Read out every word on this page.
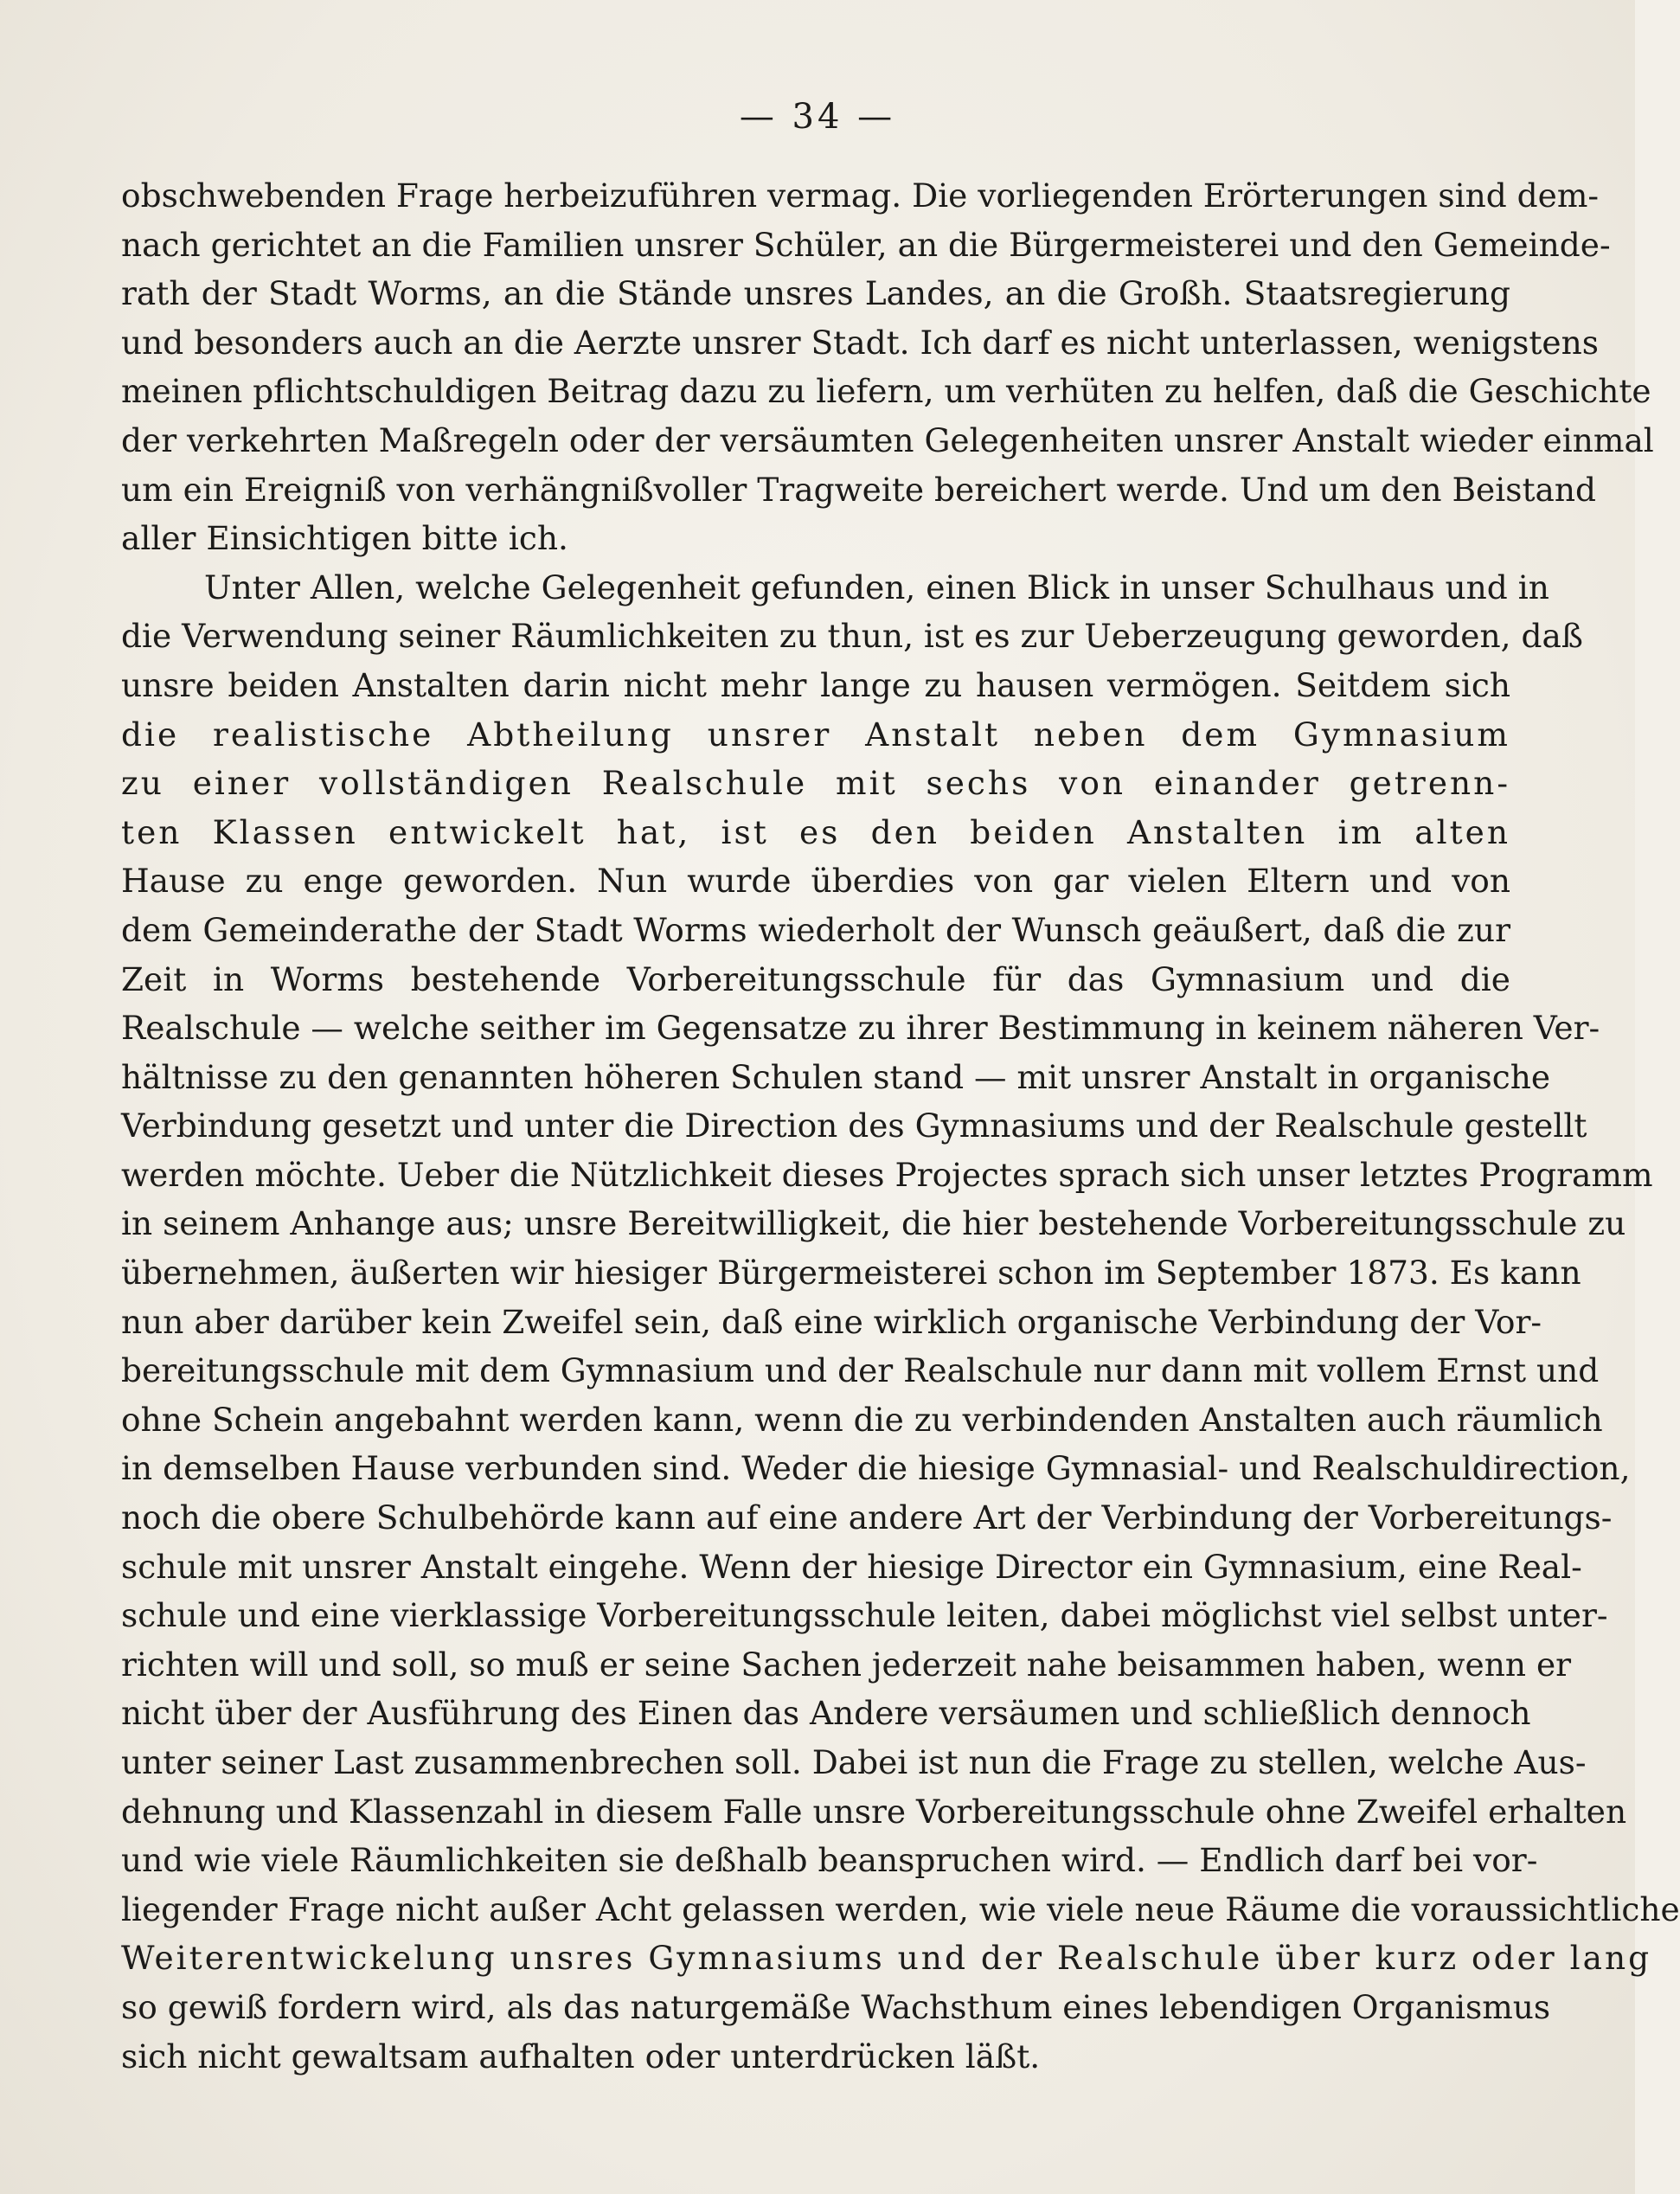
— 34 —
obschwebenden Frage herbeizuführen vermag. Die vorliegenden Erörterungen sind dem-
nach gerichtet an die Familien unsrer Schüler, an die Bürgermeisterei und den Gemeinde-
rath der Stadt Worms, an die Stände unsres Landes, an die Großh. Staatsregierung
und besonders auch an die Aerzte unsrer Stadt. Ich darf es nicht unterlassen, wenigstens
meinen pflichtschuldigen Beitrag dazu zu liefern, um verhüten zu helfen, daß die Geschichte
der verkehrten Maßregeln oder der versäumten Gelegenheiten unsrer Anstalt wieder einmal
um ein Ereigniß von verhängnißvoller Tragweite bereichert werde. Und um den Beistand
aller Einsichtigen bitte ich.
Unter Allen, welche Gelegenheit gefunden, einen Blick in unser Schulhaus und in
die Verwendung seiner Räumlichkeiten zu thun, ist es zur Ueberzeugung geworden, daß
unsre beiden Anstalten darin nicht mehr lange zu hausen vermögen. Seitdem sich
die realistische Abtheilung unsrer Anstalt neben dem Gymnasium
zu einer vollständigen Realschule mit sechs von einander getrenn-
ten Klassen entwickelt hat, ist es den beiden Anstalten im alten
Hause zu enge geworden. Nun wurde überdies von gar vielen Eltern und von
dem Gemeinderathe der Stadt Worms wiederholt der Wunsch geäußert, daß die zur
Zeit in Worms bestehende Vorbereitungsschule für das Gymnasium und die
Realschule — welche seither im Gegensatze zu ihrer Bestimmung in keinem näheren Ver-
hältnisse zu den genannten höheren Schulen stand — mit unsrer Anstalt in organische
Verbindung gesetzt und unter die Direction des Gymnasiums und der Realschule gestellt
werden möchte. Ueber die Nützlichkeit dieses Projectes sprach sich unser letztes Programm
in seinem Anhange aus; unsre Bereitwilligkeit, die hier bestehende Vorbereitungsschule zu
übernehmen, äußerten wir hiesiger Bürgermeisterei schon im September 1873. Es kann
nun aber darüber kein Zweifel sein, daß eine wirklich organische Verbindung der Vor-
bereitungsschule mit dem Gymnasium und der Realschule nur dann mit vollem Ernst und
ohne Schein angebahnt werden kann, wenn die zu verbindenden Anstalten auch räumlich
in demselben Hause verbunden sind. Weder die hiesige Gymnasial- und Realschuldirection,
noch die obere Schulbehörde kann auf eine andere Art der Verbindung der Vorbereitungs-
schule mit unsrer Anstalt eingehe. Wenn der hiesige Director ein Gymnasium, eine Real-
schule und eine vierklassige Vorbereitungsschule leiten, dabei möglichst viel selbst unter-
richten will und soll, so muß er seine Sachen jederzeit nahe beisammen haben, wenn er
nicht über der Ausführung des Einen das Andere versäumen und schließlich dennoch
unter seiner Last zusammenbrechen soll. Dabei ist nun die Frage zu stellen, welche Aus-
dehnung und Klassenzahl in diesem Falle unsre Vorbereitungsschule ohne Zweifel erhalten
und wie viele Räumlichkeiten sie deßhalb beanspruchen wird. — Endlich darf bei vor-
liegender Frage nicht außer Acht gelassen werden, wie viele neue Räume die voraussichtliche
Weiterentwickelung unsres Gymnasiums und der Realschule über kurz oder lang
so gewiß fordern wird, als das naturgemäße Wachsthum eines lebendigen Organismus
sich nicht gewaltsam aufhalten oder unterdrücken läßt.
